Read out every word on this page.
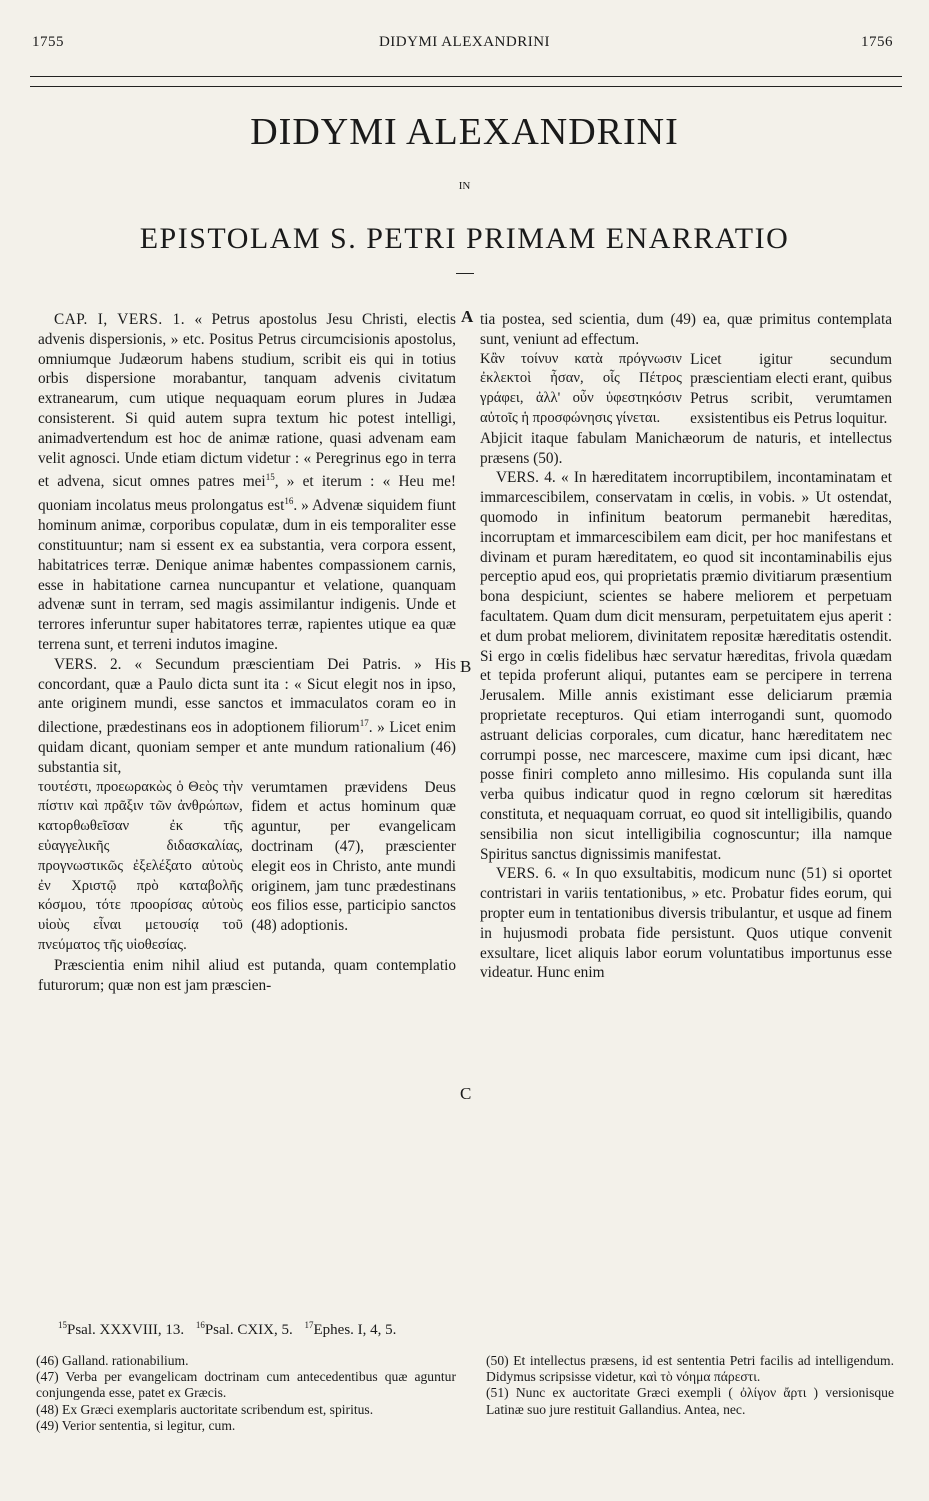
1755	DIDYMI ALEXANDRINI	1756
DIDYMI ALEXANDRINI
IN
EPISTOLAM S. PETRI PRIMAM ENARRATIO
A
B
C

CAP. I, VERS. 1. « Petrus apostolus Jesu Christi, electis advenis dispersionis, » etc. Positus Petrus circumcisionis apostolus, omniumque Judæorum habens studium, scribit eis qui in totius orbis dispersione morabantur, tanquam advenis civitatum extranearum, cum utique nequaquam eorum plures in Judæa consisterent. Si quid autem supra textum hic potest intelligi, animadvertendum est hoc de animæ ratione, quasi advenam eam velit agnosci. Unde etiam dictum videtur : « Peregrinus ego in terra et advena, sicut omnes patres mei$^{15}$, » et iterum : « Heu me! quoniam incolatus meus prolongatus est$^{16}$. » Advenæ siquidem fiunt hominum animæ, corporibus copulatæ, dum in eis temporaliter esse constituuntur; nam si essent ex ea substantia, vera corpora essent, habitatrices terræ. Denique animæ habentes compassionem carnis, esse in habitatione carnea nuncupantur et velatione, quanquam advenæ sunt in terram, sed magis assimilantur indigenis. Unde et terrores inferuntur super habitatores terræ, rapientes utique ea quæ terrena sunt, et terreni indutos imagine.

VERS. 2. « Secundum præscientiam Dei Patris. » His concordant, quæ a Paulo dicta sunt ita : « Sicut elegit nos in ipso, ante originem mundi, esse sanctos et immaculatos coram eo in dilectione, prædestinans eos in adoptionem filiorum$^{17}$. » Licet enim quidam dicant, quoniam semper et ante mundum rationalium (46) substantia sit,

τουτέστι, προεωρακὼς ὁ Θεὸς τὴν πίστιν καὶ πρᾶξιν τῶν ἀνθρώπων, κατορθωθεῖσαν ἐκ τῆς εὐαγγελικῆς διδασκαλίας, προγνωστικῶς ἐξελέξατο αὐτοὺς ἐν Χριστῷ πρὸ καταβολῆς κόσμου, τότε προορίσας αὐτοὺς υἱοὺς εἶναι μετουσίᾳ τοῦ πνεύματος τῆς υἱοθεσίας.
verumtamen prævidens Deus fidem et actus hominum quæ aguntur, per evangelicam doctrinam (47), præscienter elegit eos in Christo, ante mundi originem, jam tunc prædestinans eos filios esse, participio sanctos (48) adoptionis.

Præscientia enim nihil aliud est putanda, quam contemplatio futurorum; quæ non est jam præscien-

tia postea, sed scientia, dum (49) ea, quæ primitus contemplata sunt, veniunt ad effectum.

Κἂν τοίνυν κατὰ πρόγνωσιν ἐκλεκτοὶ ἦσαν, οἷς Πέτρος γράφει, ἀλλ' οὖν ὑφεστηκόσιν αὐτοῖς ἡ προσφώνησις γίνεται.
Licet igitur secundum præscientiam electi erant, quibus Petrus scribit, verumtamen exsistentibus eis Petrus loquitur.

Abjicit itaque fabulam Manichæorum de naturis, et intellectus præsens (50).

VERS. 4. « In hæreditatem incorruptibilem, incontaminatam et immarcescibilem, conservatam in cœlis, in vobis. » Ut ostendat, quomodo in infinitum beatorum permanebit hæreditas, incorruptam et immarcescibilem eam dicit, per hoc manifestans et divinam et puram hæreditatem, eo quod sit incontaminabilis ejus perceptio apud eos, qui proprietatis præmio divitiarum præsentium bona despiciunt, scientes se habere meliorem et perpetuam facultatem. Quam dum dicit mensuram, perpetuitatem ejus aperit : et dum probat meliorem, divinitatem repositæ hæreditatis ostendit. Si ergo in cœlis fidelibus hæc servatur hæreditas, frivola quædam et tepida proferunt aliqui, putantes eam se percipere in terrena Jerusalem. Mille annis existimant esse deliciarum præmia proprietate recepturos. Qui etiam interrogandi sunt, quomodo astruant delicias corporales, cum dicatur, hanc hæreditatem nec corrumpi posse, nec marcescere, maxime cum ipsi dicant, hæc posse finiri completo anno millesimo. His copulanda sunt illa verba quibus indicatur quod in regno cœlorum sit hæreditas constituta, et nequaquam corruat, eo quod sit intelligibilis, quando sensibilia non sicut intelligibilia cognoscuntur; illa namque Spiritus sanctus dignissimis manifestat.

VERS. 6. « In quo exsultabitis, modicum nunc (51) si oportet contristari in variis tentationibus, » etc. Probatur fides eorum, qui propter eum in tentationibus diversis tribulantur, et usque ad finem in hujusmodi probata fide persistunt. Quos utique convenit exsultare, licet aliquis labor eorum voluntatibus importunus esse videatur. Hunc enim

$^{15}$Psal. XXXVIII, 13. $^{16}$Psal. CXIX, 5. $^{17}$Ephes. I, 4, 5.

(46) Galland. rationabilium.

(47) Verba per evangelicam doctrinam cum antecedentibus quæ aguntur conjungenda esse, patet ex Græcis.

(48) Ex Græci exemplaris auctoritate scribendum est, spiritus.

(49) Verior sententia, si legitur, cum.

(50) Et intellectus præsens, id est sententia Petri facilis ad intelligendum. Didymus scripsisse videtur, καὶ τὸ νόημα πάρεστι.

(51) Nunc ex auctoritate Græci exempli ( ὀλίγον ἄρτι ) versionisque Latinæ suo jure restituit Gallandius. Antea, nec.
